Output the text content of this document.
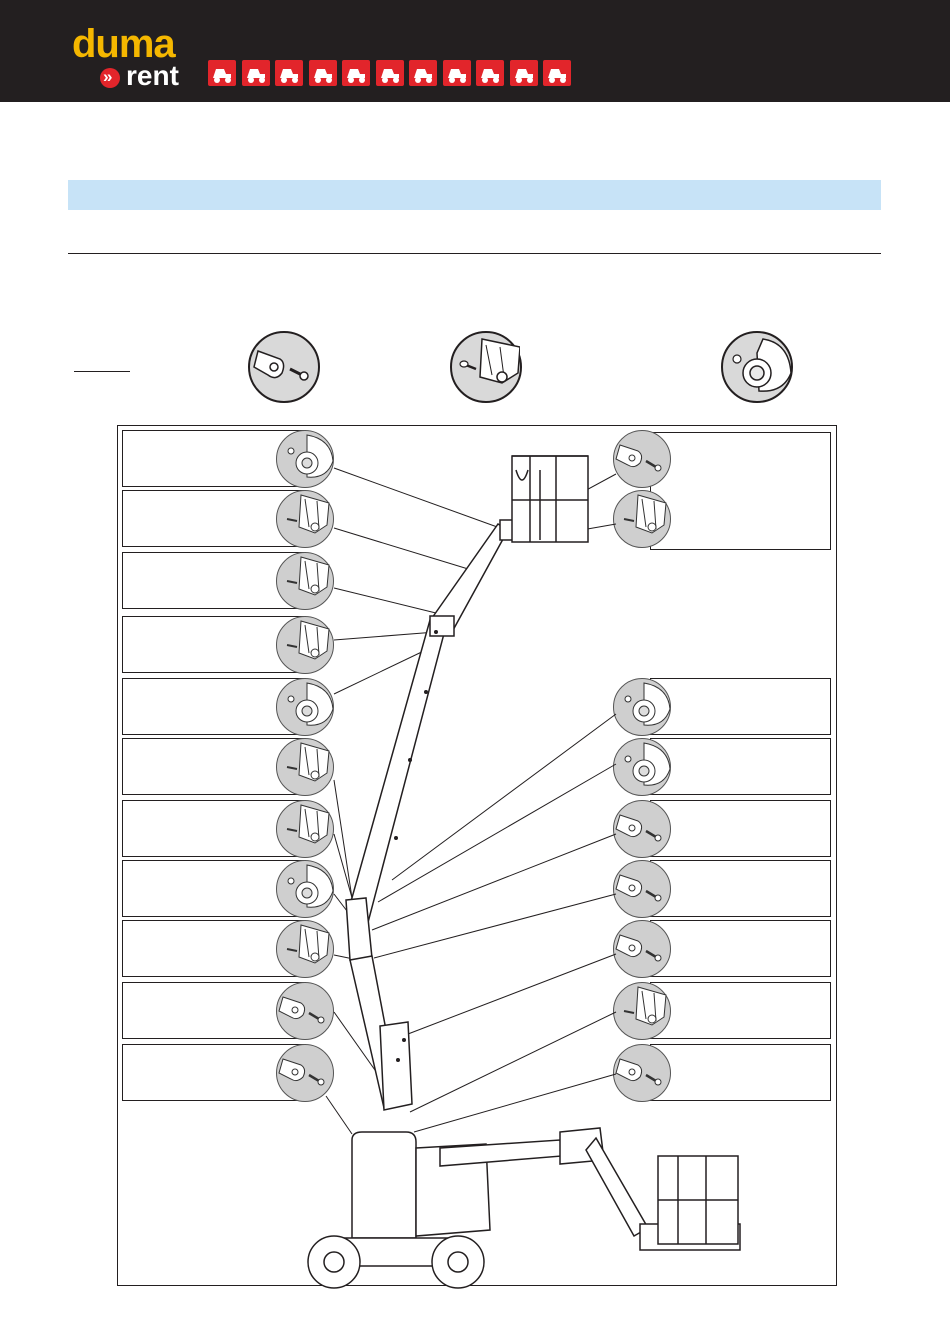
duma
» rent
